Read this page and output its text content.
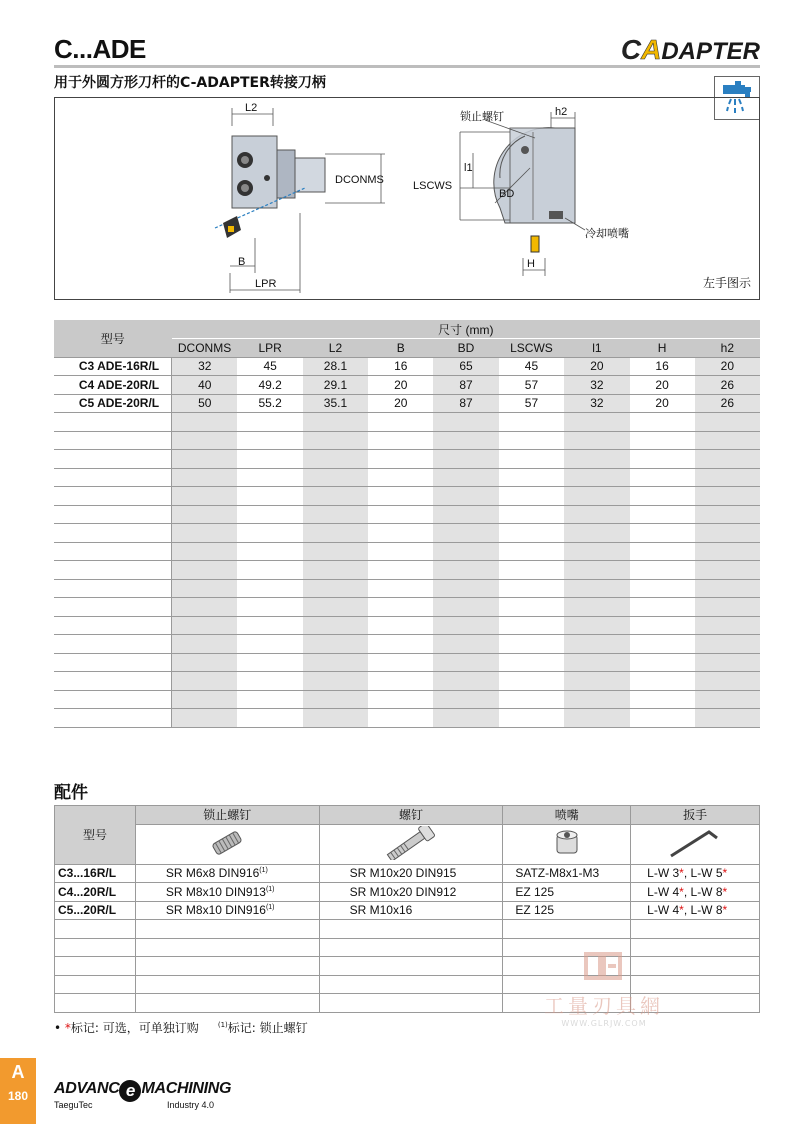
C...ADE	CADAPTER
用于外圆方形刀杆的C-ADAPTER转接刀柄
L2
DCONMS
B
LPR
锁止螺钉	h2
l1
LSCWS
BD
H
冷却喷嘴
左手图示
型号	尺寸 (mm)								
	DCONMS	LPR	L2	B	BD	LSCWS	l1	H	h2
C3 ADE-16R/L	32	45	28.1	16	65	45	20	16	20
C4 ADE-20R/L	40	49.2	29.1	20	87	57	32	20	26
C5 ADE-20R/L	50	55.2	35.1	20	87	57	32	20	26

配件
型号	锁止螺钉	螺钉	喷嘴	扳手

C3...16R/L	SR M6x8 DIN916$^{(1)}$	SR M10x20 DIN915	SATZ-M8x1-M3	L-W 3*, L-W 5*
C4...20R/L	SR M8x10 DIN913$^{(1)}$	SR M10x20 DIN912	EZ 125	L-W 4*, L-W 8*
C5...20R/L	SR M8x10 DIN916$^{(1)}$	SR M10x16	EZ 125	L-W 4*, L-W 8*

• *标记: 可选，可单独订购	$^{(1)}$标记: 锁止螺钉
工量刃具網
WWW.GLRJW.COM
A
180	ADVANC e MACHINING
TaeguTec	Industry 4.0
